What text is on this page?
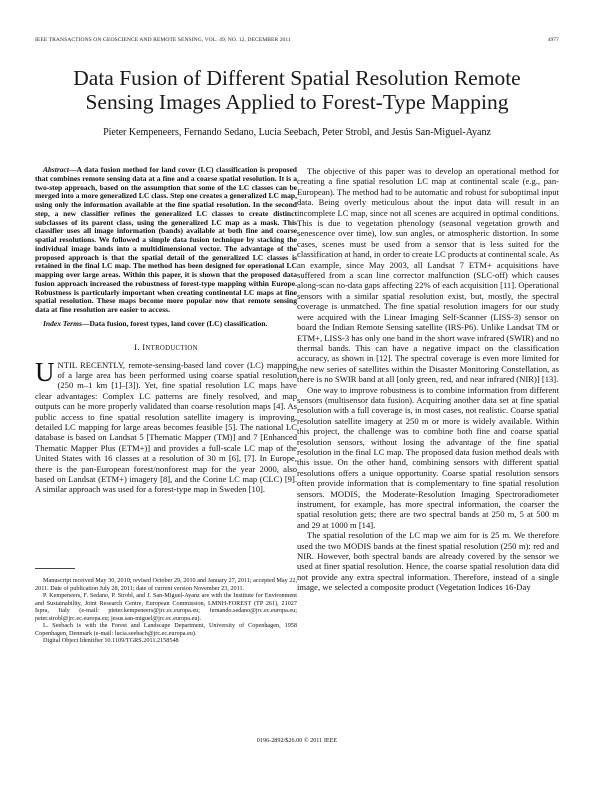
IEEE TRANSACTIONS ON GEOSCIENCE AND REMOTE SENSING, VOL. 49, NO. 12, DECEMBER 2011	4977
Data Fusion of Different Spatial Resolution Remote
Sensing Images Applied to Forest-Type Mapping
Pieter Kempeneers, Fernando Sedano, Lucia Seebach, Peter Strobl, and Jesús San-Miguel-Ayanz

Abstract—A data fusion method for land cover (LC) classification is proposed that combines remote sensing data at a fine and a coarse spatial resolution. It is a two-step approach, based on the assumption that some of the LC classes can be merged into a more generalized LC class. Step one creates a generalized LC map, using only the information available at the fine spatial resolution. In the second step, a new classifier refines the generalized LC classes to create distinct subclasses of its parent class, using the generalized LC map as a mask. This classifier uses all image information (bands) available at both fine and coarse spatial resolutions. We followed a simple data fusion technique by stacking the individual image bands into a multidimensional vector. The advantage of the proposed approach is that the spatial detail of the generalized LC classes is retained in the final LC map. The method has been designed for operational LC mapping over large areas. Within this paper, it is shown that the proposed data fusion approach increased the robustness of forest-type mapping within Europe. Robustness is particularly important when creating continental LC maps at fine spatial resolution. These maps become more popular now that remote sensing data at fine resolution are easier to access.

Index Terms—Data fusion, forest types, land cover (LC) classification.

I. INTRODUCTION

UNTIL RECENTLY, remote-sensing-based land cover (LC) mapping of a large area has been performed using coarse spatial resolution (250 m–1 km [1]–[3]). Yet, fine spatial resolution LC maps have clear advantages: Complex LC patterns are finely resolved, and map outputs can be more properly validated than coarse resolution maps [4]. As public access to fine spatial resolution satellite imagery is improving, detailed LC mapping for large areas becomes feasible [5]. The national LC database is based on Landsat 5 [Thematic Mapper (TM)] and 7 [Enhanced Thematic Mapper Plus (ETM+)] and provides a full-scale LC map of the United States with 16 classes at a resolution of 30 m [6], [7]. In Europe, there is the pan-European forest/nonforest map for the year 2000, also based on Landsat (ETM+) imagery [8], and the Corine LC map (CLC) [9]. A similar approach was used for a forest-type map in Sweden [10].

Manuscript received May 30, 2010; revised October 29, 2010 and January 27, 2011; accepted May 22, 2011. Date of publication July 28, 2011; date of current version November 23, 2011.

P. Kempeneers, F. Sedano, P. Strobl, and J. San-Miguel-Ayanz are with the Institute for Environment and Sustainability, Joint Research Centre, European Commission, LMNH-FOREST (TP 261), 21027 Ispra, Italy (e-mail: pieter.kempeneers@jrc.ec.europa.eu; fernando.sedano@jrc.ec.europa.eu; peter.strobl@jrc.ec.europa.eu; jesus.san-miguel@jrc.ec.europa.eu).

L. Seebach is with the Forest and Landscape Department, University of Copenhagen, 1958 Copenhagen, Denmark (e-mail: lucia.seebach@jrc.ec.europa.eu).

Digital Object Identifier 10.1109/TGRS.2011.2158548

The objective of this paper was to develop an operational method for creating a fine spatial resolution LC map at continental scale (e.g., pan-European). The method had to be automatic and robust for suboptimal input data. Being overly meticulous about the input data will result in an incomplete LC map, since not all scenes are acquired in optimal conditions. This is due to vegetation phenology (seasonal vegetation growth and senescence over time), low sun angles, or atmospheric distortion. In some cases, scenes must be used from a sensor that is less suited for the classification at hand, in order to create LC products at continental scale. As an example, since May 2003, all Landsat 7 ETM+ acquisitions have suffered from a scan line corrector malfunction (SLC-off) which causes along-scan no-data gaps affecting 22% of each acquisition [11]. Operational sensors with a similar spatial resolution exist, but, mostly, the spectral coverage is unmatched. The fine spatial resolution imagers for our study were acquired with the Linear Imaging Self-Scanner (LISS-3) sensor on board the Indian Remote Sensing satellite (IRS-P6). Unlike Landsat TM or ETM+, LISS-3 has only one band in the short wave infrared (SWIR) and no thermal bands. This can have a negative impact on the classification accuracy, as shown in [12]. The spectral coverage is even more limited for the new series of satellites within the Disaster Monitoring Constellation, as there is no SWIR band at all [only green, red, and near infrared (NIR)] [13].

One way to improve robustness is to combine information from different sensors (multisensor data fusion). Acquiring another data set at fine spatial resolution with a full coverage is, in most cases, not realistic. Coarse spatial resolution satellite imagery at 250 m or more is widely available. Within this project, the challenge was to combine both fine and coarse spatial resolution sensors, without losing the advantage of the fine spatial resolution in the final LC map. The proposed data fusion method deals with this issue. On the other hand, combining sensors with different spatial resolutions offers a unique opportunity. Coarse spatial resolution sensors often provide information that is complementary to fine spatial resolution sensors. MODIS, the Moderate-Resolution Imaging Spectroradiometer instrument, for example, has more spectral information, the coarser the spatial resolution gets; there are two spectral bands at 250 m, 5 at 500 m and 29 at 1000 m [14].

The spatial resolution of the LC map we aim for is 25 m. We therefore used the two MODIS bands at the finest spatial resolution (250 m): red and NIR. However, both spectral bands are already covered by the sensor we used at finer spatial resolution. Hence, the coarse spatial resolution data did not provide any extra spectral information. Therefore, instead of a single image, we selected a composite product (Vegetation Indices 16-Day

0196-2892/$26.00 © 2011 IEEE
